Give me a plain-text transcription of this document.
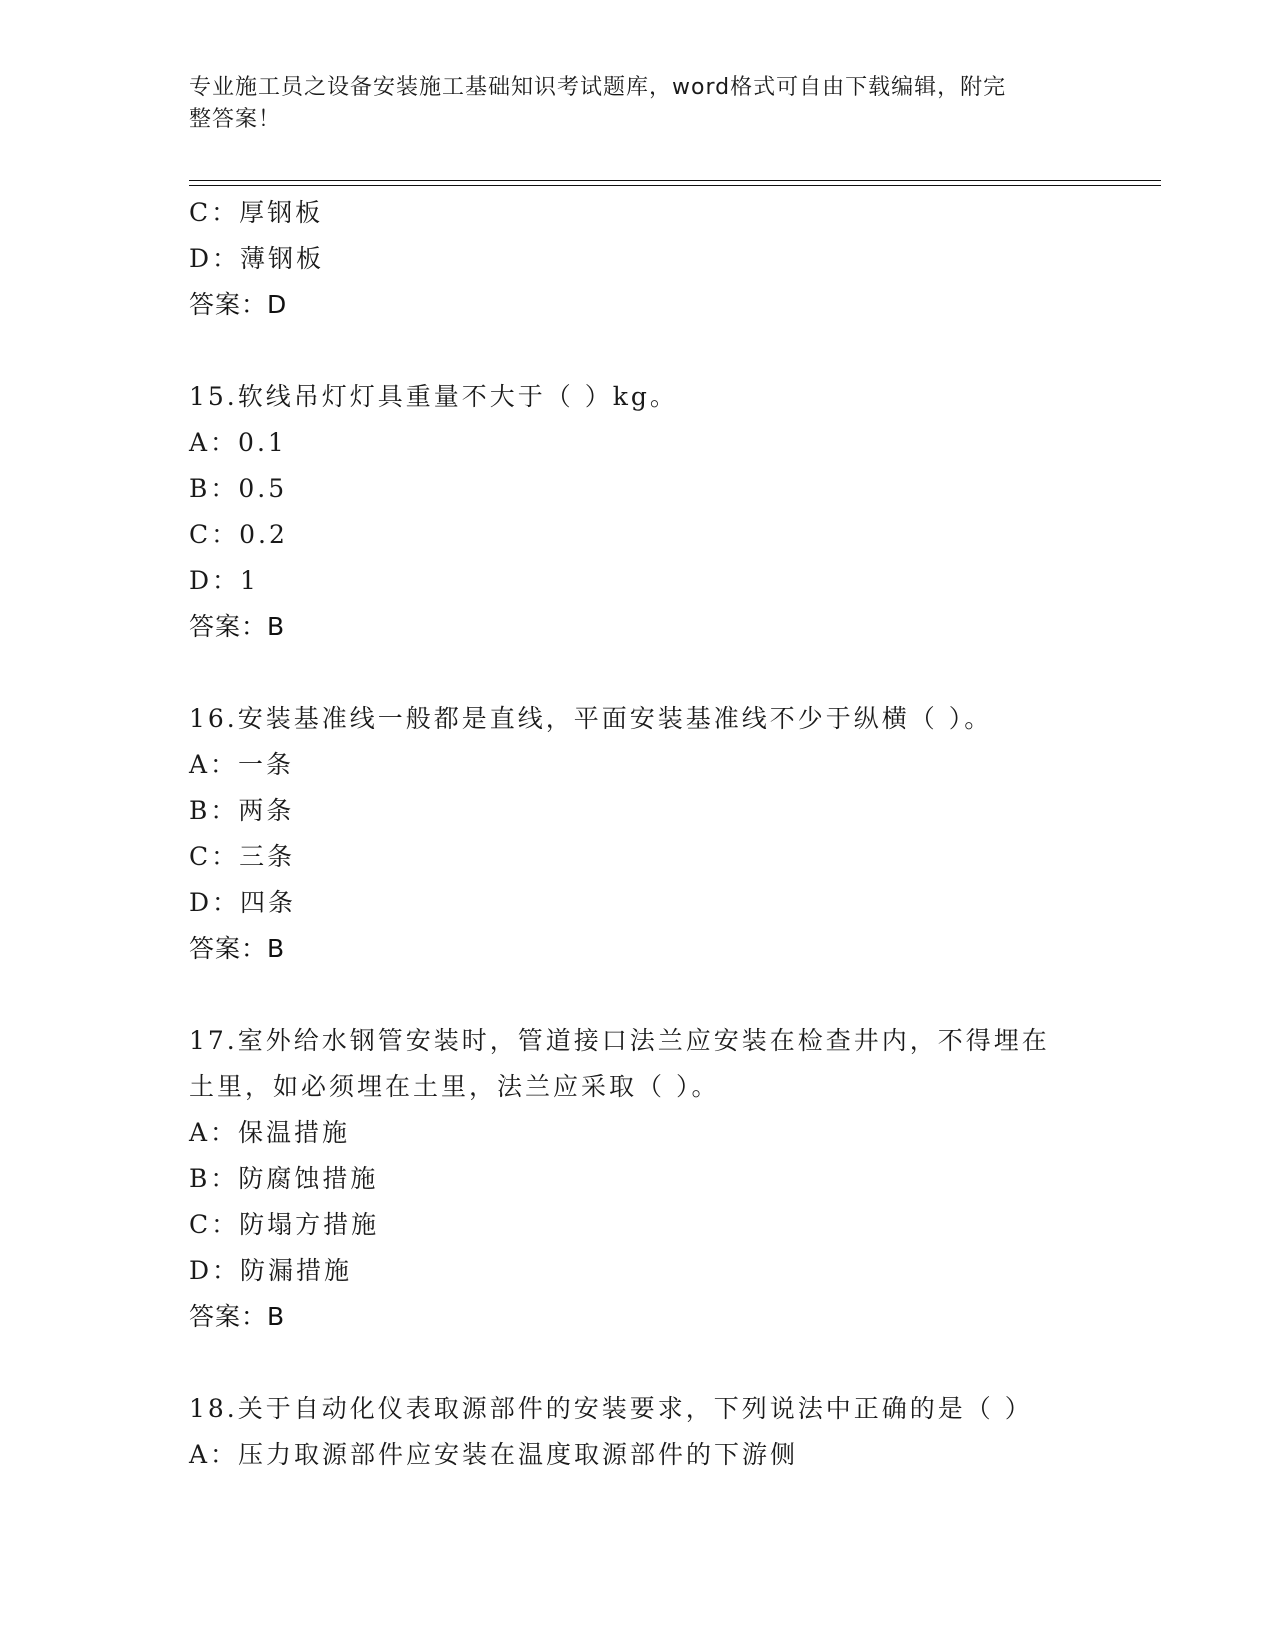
专业施工员之设备安装施工基础知识考试题库，word格式可自由下载编辑，附完
整答案！
C：厚钢板
D：薄钢板
答案：D
15.软线吊灯灯具重量不大于（ ）kg。
A：0.1
B：0.5
C：0.2
D：1
答案：B
16.安装基准线一般都是直线，平面安装基准线不少于纵横（ ）。
A：一条
B：两条
C：三条
D：四条
答案：B
17.室外给水钢管安装时，管道接口法兰应安装在检查井内，不得埋在
土里，如必须埋在土里，法兰应采取（ ）。
A：保温措施
B：防腐蚀措施
C：防塌方措施
D：防漏措施
答案：B
18.关于自动化仪表取源部件的安装要求，下列说法中正确的是（ ）
A：压力取源部件应安装在温度取源部件的下游侧
